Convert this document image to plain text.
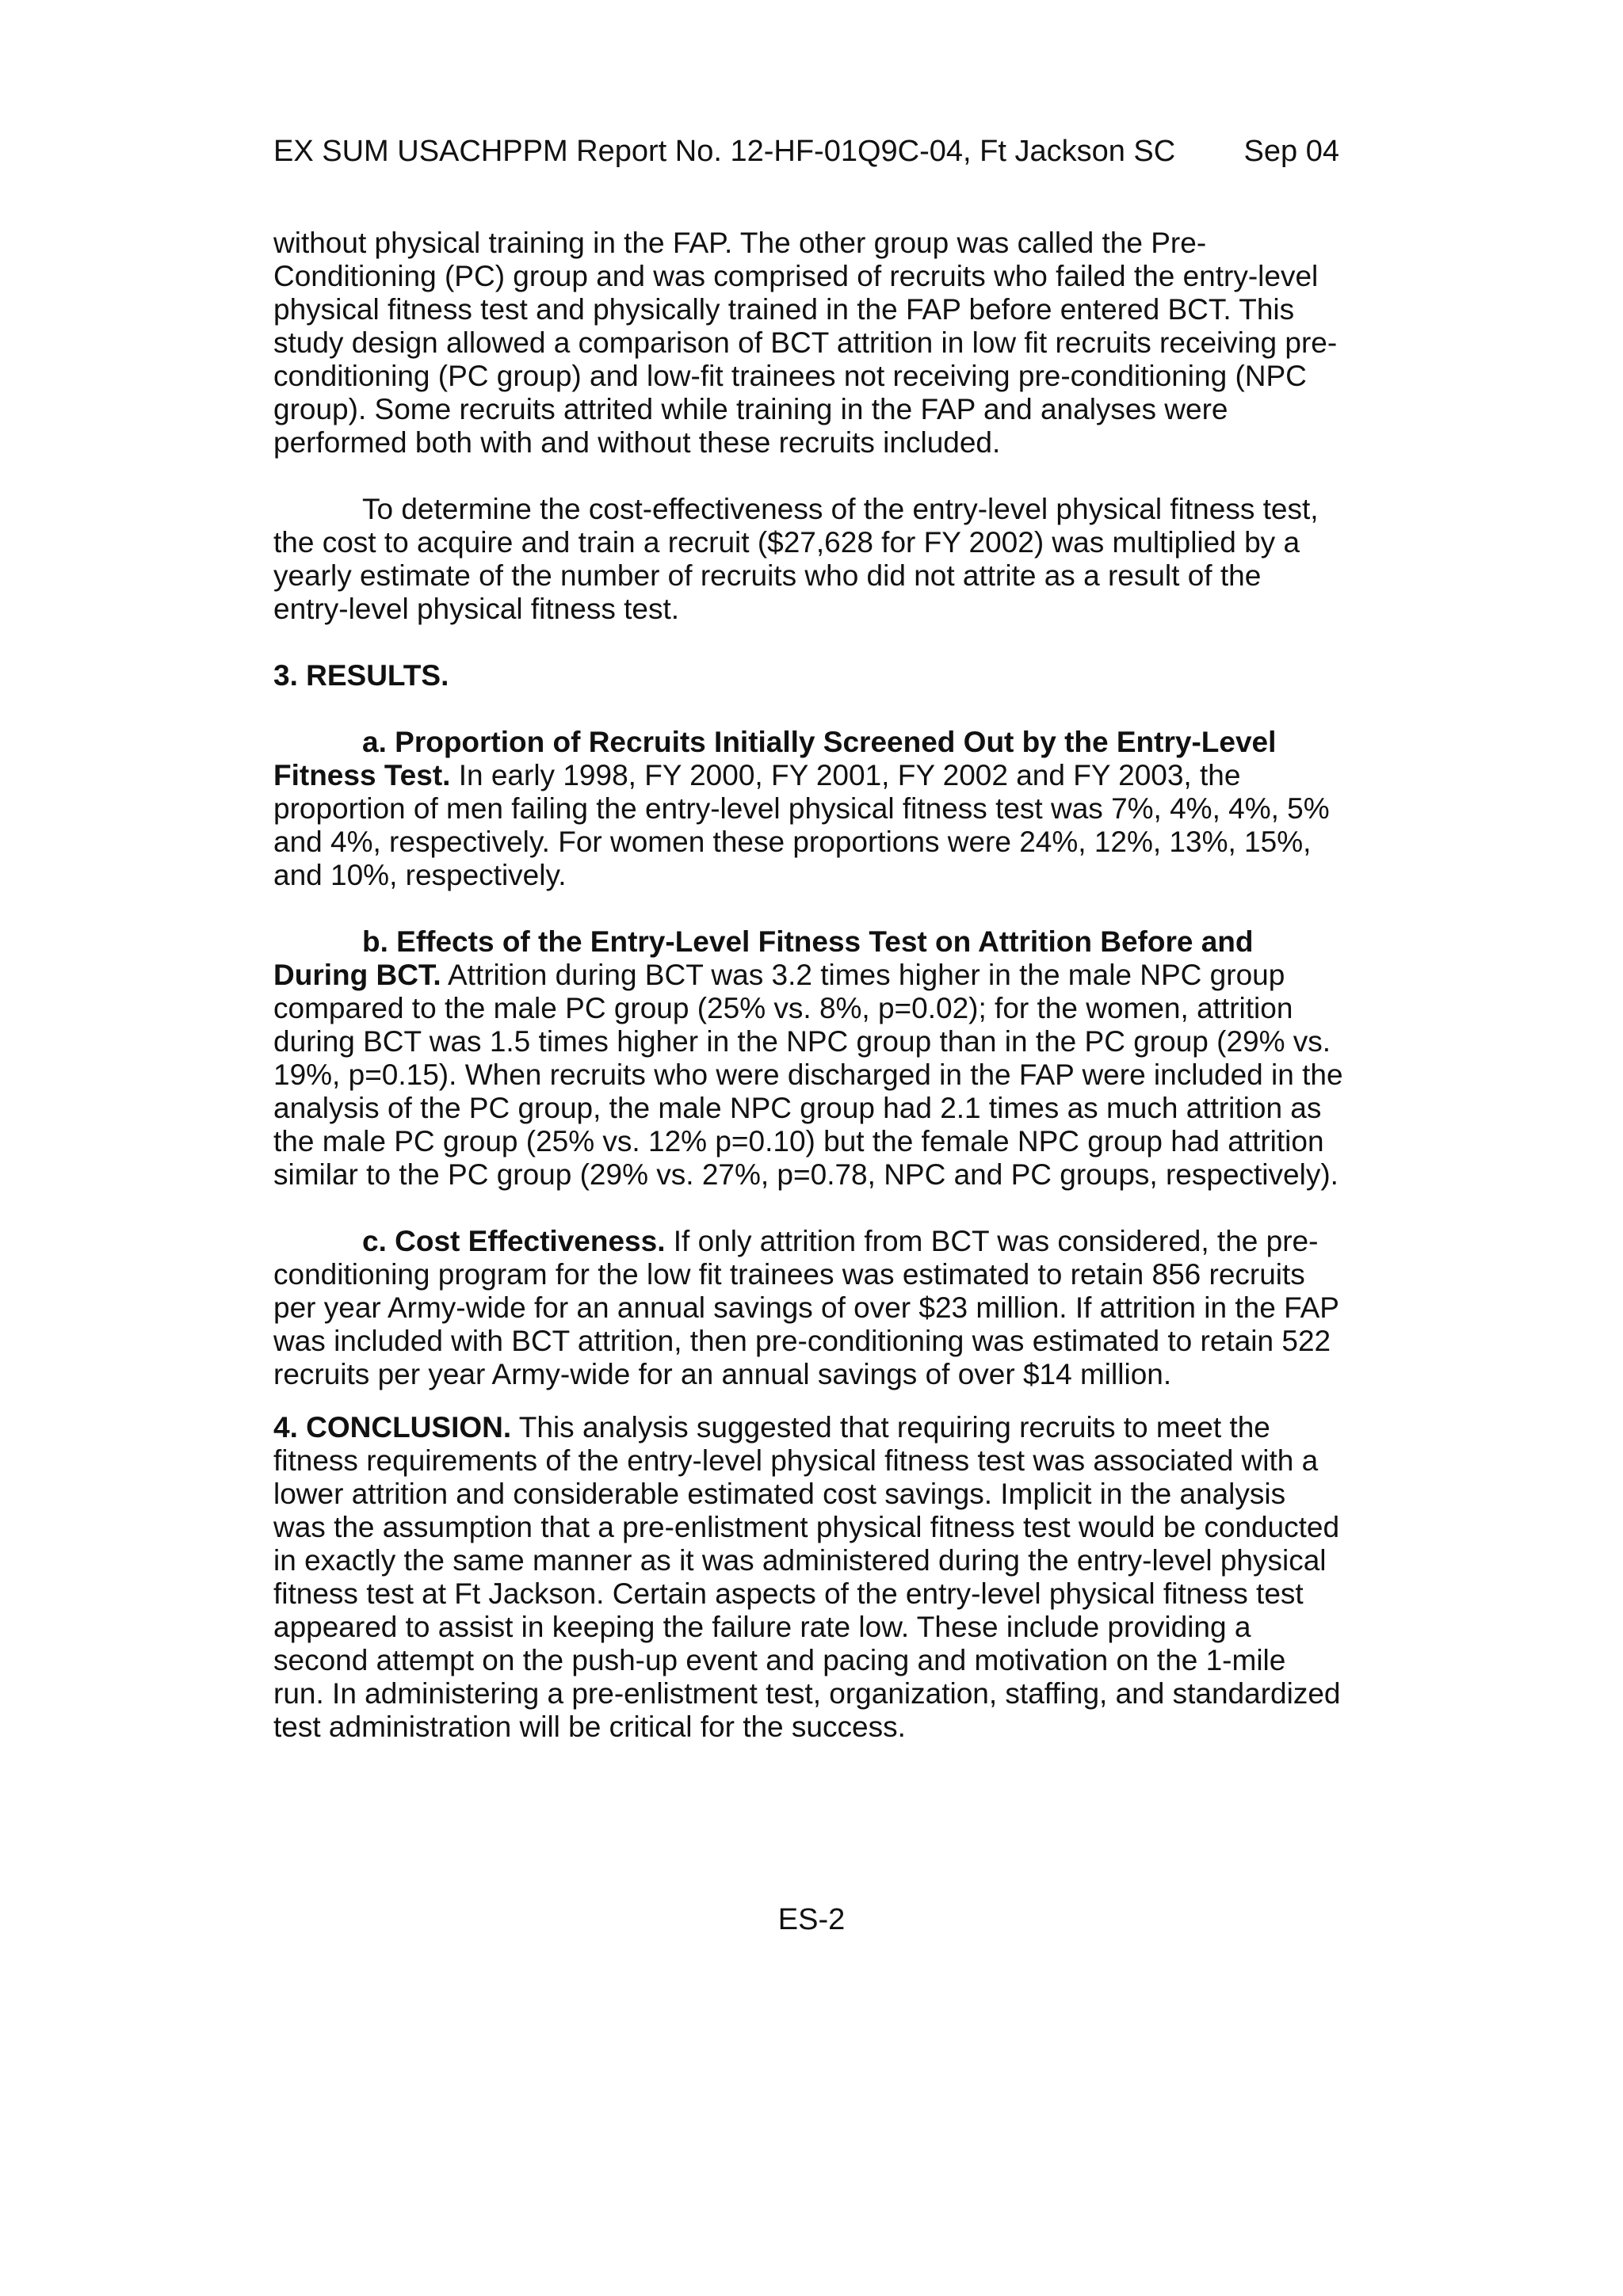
EX SUM USACHPPM Report No. 12-HF-01Q9C-04, Ft Jackson SC Sep 04

without physical training in the FAP. The other group was called the Pre-Conditioning (PC) group and was comprised of recruits who failed the entry-level physical fitness test and physically trained in the FAP before entered BCT. This study design allowed a comparison of BCT attrition in low fit recruits receiving pre-conditioning (PC group) and low-fit trainees not receiving pre-conditioning (NPC group). Some recruits attrited while training in the FAP and analyses were performed both with and without these recruits included.

To determine the cost-effectiveness of the entry-level physical fitness test, the cost to acquire and train a recruit ($27,628 for FY 2002) was multiplied by a yearly estimate of the number of recruits who did not attrite as a result of the entry-level physical fitness test.

3. RESULTS.

a. Proportion of Recruits Initially Screened Out by the Entry-Level Fitness Test. In early 1998, FY 2000, FY 2001, FY 2002 and FY 2003, the proportion of men failing the entry-level physical fitness test was 7%, 4%, 4%, 5% and 4%, respectively. For women these proportions were 24%, 12%, 13%, 15%, and 10%, respectively.

b. Effects of the Entry-Level Fitness Test on Attrition Before and During BCT. Attrition during BCT was 3.2 times higher in the male NPC group compared to the male PC group (25% vs. 8%, p=0.02); for the women, attrition during BCT was 1.5 times higher in the NPC group than in the PC group (29% vs. 19%, p=0.15). When recruits who were discharged in the FAP were included in the analysis of the PC group, the male NPC group had 2.1 times as much attrition as the male PC group (25% vs. 12% p=0.10) but the female NPC group had attrition similar to the PC group (29% vs. 27%, p=0.78, NPC and PC groups, respectively).

c. Cost Effectiveness. If only attrition from BCT was considered, the pre-conditioning program for the low fit trainees was estimated to retain 856 recruits per year Army-wide for an annual savings of over $23 million. If attrition in the FAP was included with BCT attrition, then pre-conditioning was estimated to retain 522 recruits per year Army-wide for an annual savings of over $14 million.

4. CONCLUSION. This analysis suggested that requiring recruits to meet the fitness requirements of the entry-level physical fitness test was associated with a lower attrition and considerable estimated cost savings. Implicit in the analysis was the assumption that a pre-enlistment physical fitness test would be conducted in exactly the same manner as it was administered during the entry-level physical fitness test at Ft Jackson. Certain aspects of the entry-level physical fitness test appeared to assist in keeping the failure rate low. These include providing a second attempt on the push-up event and pacing and motivation on the 1-mile run. In administering a pre-enlistment test, organization, staffing, and standardized test administration will be critical for the success.

ES-2
